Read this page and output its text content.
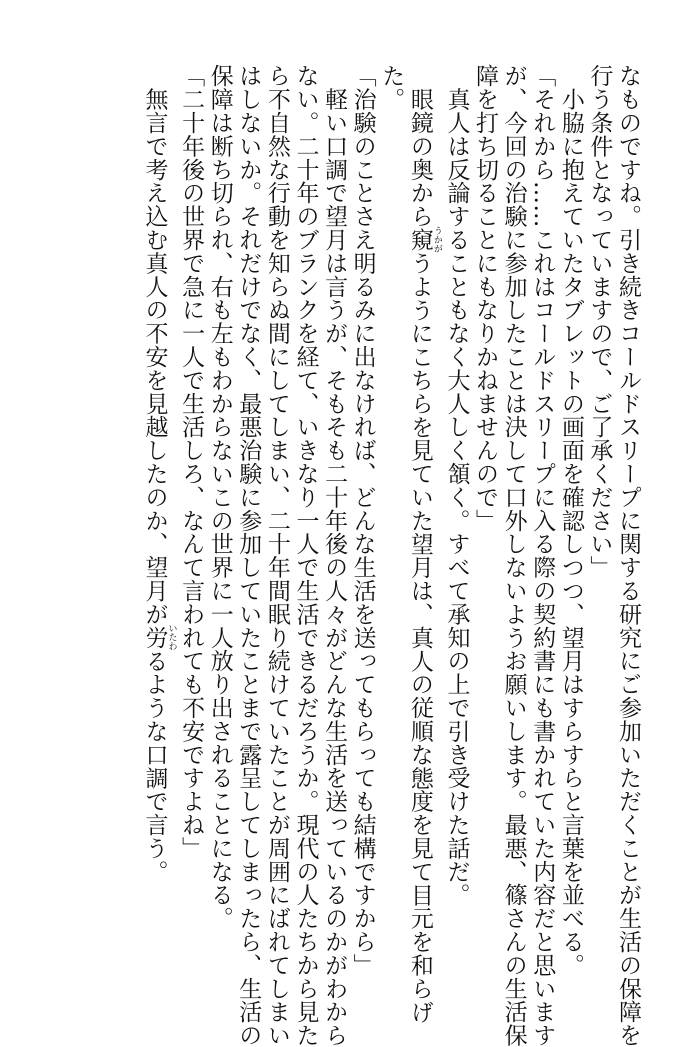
なものですね。引き続きコールドスリープに関する研究にご参加いただくことが生活の保障を
行う条件となっていますので、ご了承ください」
　小脇に抱えていたタブレットの画面を確認しつつ、望月はすらすらと言葉を並べる。
「それから……これはコールドスリープに入る際の契約書にも書かれていた内容だと思います
が、今回の治験に参加したことは決して口外しないようお願いします。最悪、篠さんの生活保
障を打ち切ることにもなりかねませんので」
　真人は反論することもなく大人しく頷く。すべて承知の上で引き受けた話だ。
　眼鏡の奥から窺 うかがうようにこちらを見ていた望月は、真人の従順な態度を見て目元を和らげ
た。
「治験のことさえ明るみに出なければ、どんな生活を送ってもらっても結構ですから」
　軽い口調で望月は言うが、そもそも二十年後の人々がどんな生活を送っているのかがわから
ない。二十年のブランクを経て、いきなり一人で生活できるだろうか。現代の人たちから見た
ら不自然な行動を知らぬ間にしてしまい、二十年間眠り続けていたことが周囲にばれてしまい
はしないか。それだけでなく、最悪治験に参加していたことまで露呈してしまったら、生活の
保障は断ち切られ、右も左もわからないこの世界に一人放り出されることになる。
「二十年後の世界で急に一人で生活しろ、なんて言われても不安ですよね」
　無言で考え込む真人の不安を見越したのか、望月が労 いたわるような口調で言う。
